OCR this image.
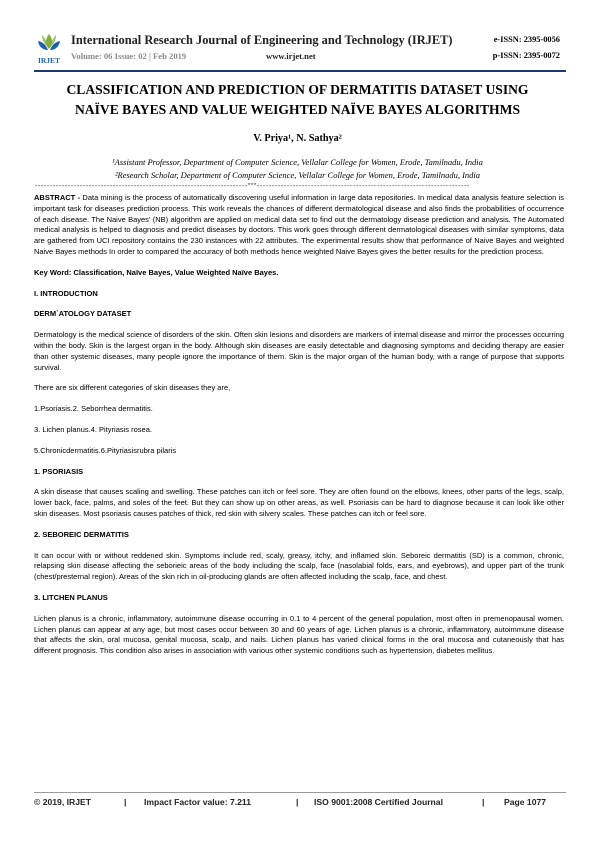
IRJET
International Research Journal of Engineering and Technology (IRJET)
Volume: 06 Issue: 02 | Feb 2019	www.irjet.net
e-ISSN: 2395-0056
p-ISSN: 2395-0072
CLASSIFICATION AND PREDICTION OF DERMATITIS DATASET USING
NAÏVE BAYES AND VALUE WEIGHTED NAÏVE BAYES ALGORITHMS
V. Priya¹, N. Sathya²
¹Assistant Professor, Department of Computer Science, Vellalar College for Women, Erode, Tamilnadu, India
²Research Scholar, Department of Computer Science, Vellalar College for Women, Erode, Tamilnadu, India
-----------------------------------------------------------------------***-----------------------------------------------------------------------

ABSTRACT - Data mining is the process of automatically discovering useful information in large data repositories. In medical data analysis feature selection is important task for diseases prediction process. This work reveals the chances of different dermatological disease and also finds the probabilities of occurrence of each disease. The Naive Bayes' (NB) algorithm are applied on medical data set to find out the dermatology disease prediction and analysis. The Automated medical analysis is helped to diagnosis and predict diseases by doctors. This work goes through different dermatological diseases with similar symptoms, data are gathered from UCI repository contains the 230 instances with 22 attributes. The experimental results show that performance of Naive Bayes and weighted Naive Bayes methods In order to compared the accuracy of both methods hence weighted Naive Bayes gives the better results for the prediction process.

Key Word: Classification, Naïve Bayes, Value Weighted Naïve Bayes.

I. INTRODUCTION

DERM`ATOLOGY DATASET

Dermatology is the medical science of disorders of the skin. Often skin lesions and disorders are markers of internal disease and mirror the processes occurring within the body. Skin is the largest organ in the body. Although skin diseases are easily detectable and diagnosing symptoms and deciding therapy are easier than other systemic diseases, many people ignore the importance of them. Skin is the major organ of the human body, with a range of purpose that supports survival.

There are six different categories of skin diseases they are,

1.Psoriasis.2. Seborrhea dermatitis.

3. Lichen planus.4. Pityriasis rosea.

5.Chronicdermatitis.6.Pityriasisrubra pilaris

1. PSORIASIS

A skin disease that causes scaling and swelling. These patches can itch or feel sore. They are often found on the elbows, knees, other parts of the legs, scalp, lower back, face, palms, and soles of the feet. But they can show up on other areas, as well. Psoriasis can be hard to diagnose because it can look like other skin diseases. Most psoriasis causes patches of thick, red skin with silvery scales. These patches can itch or feel sore.

2. SEBOREIC DERMATITIS

It can occur with or without reddened skin. Symptoms include red, scaly, greasy, itchy, and inflamed skin. Seboreic dermatitis (SD) is a common, chronic, relapsing skin disease affecting the seborieic areas of the body including the scalp, face (nasolabial folds, ears, and eyebrows), and upper part of the trunk (chest/presternal region). Areas of the skin rich in oil-producing glands are often affected including the scalp, face, and chest.

3. LITCHEN PLANUS

Lichen planus is a chronic, inflammatory, autoimmune disease occurring in 0.1 to 4 percent of the general population, most often in premenopausal women. Lichen planus can appear at any age, but most cases occur between 30 and 60 years of age. Lichen planus is a chronic, inflammatory, autoimmune disease that affects the skin, oral mucosa, genital mucosa, scalp, and nails. Lichen planus has varied clinical forms in the oral mucosa and cutaneously that has different prognosis. This condition also arises in association with various other systemic conditions such as hypertension, diabetes mellitus.

© 2019, IRJET	| Impact Factor value: 7.211	| ISO 9001:2008 Certified Journal	| Page 1077
